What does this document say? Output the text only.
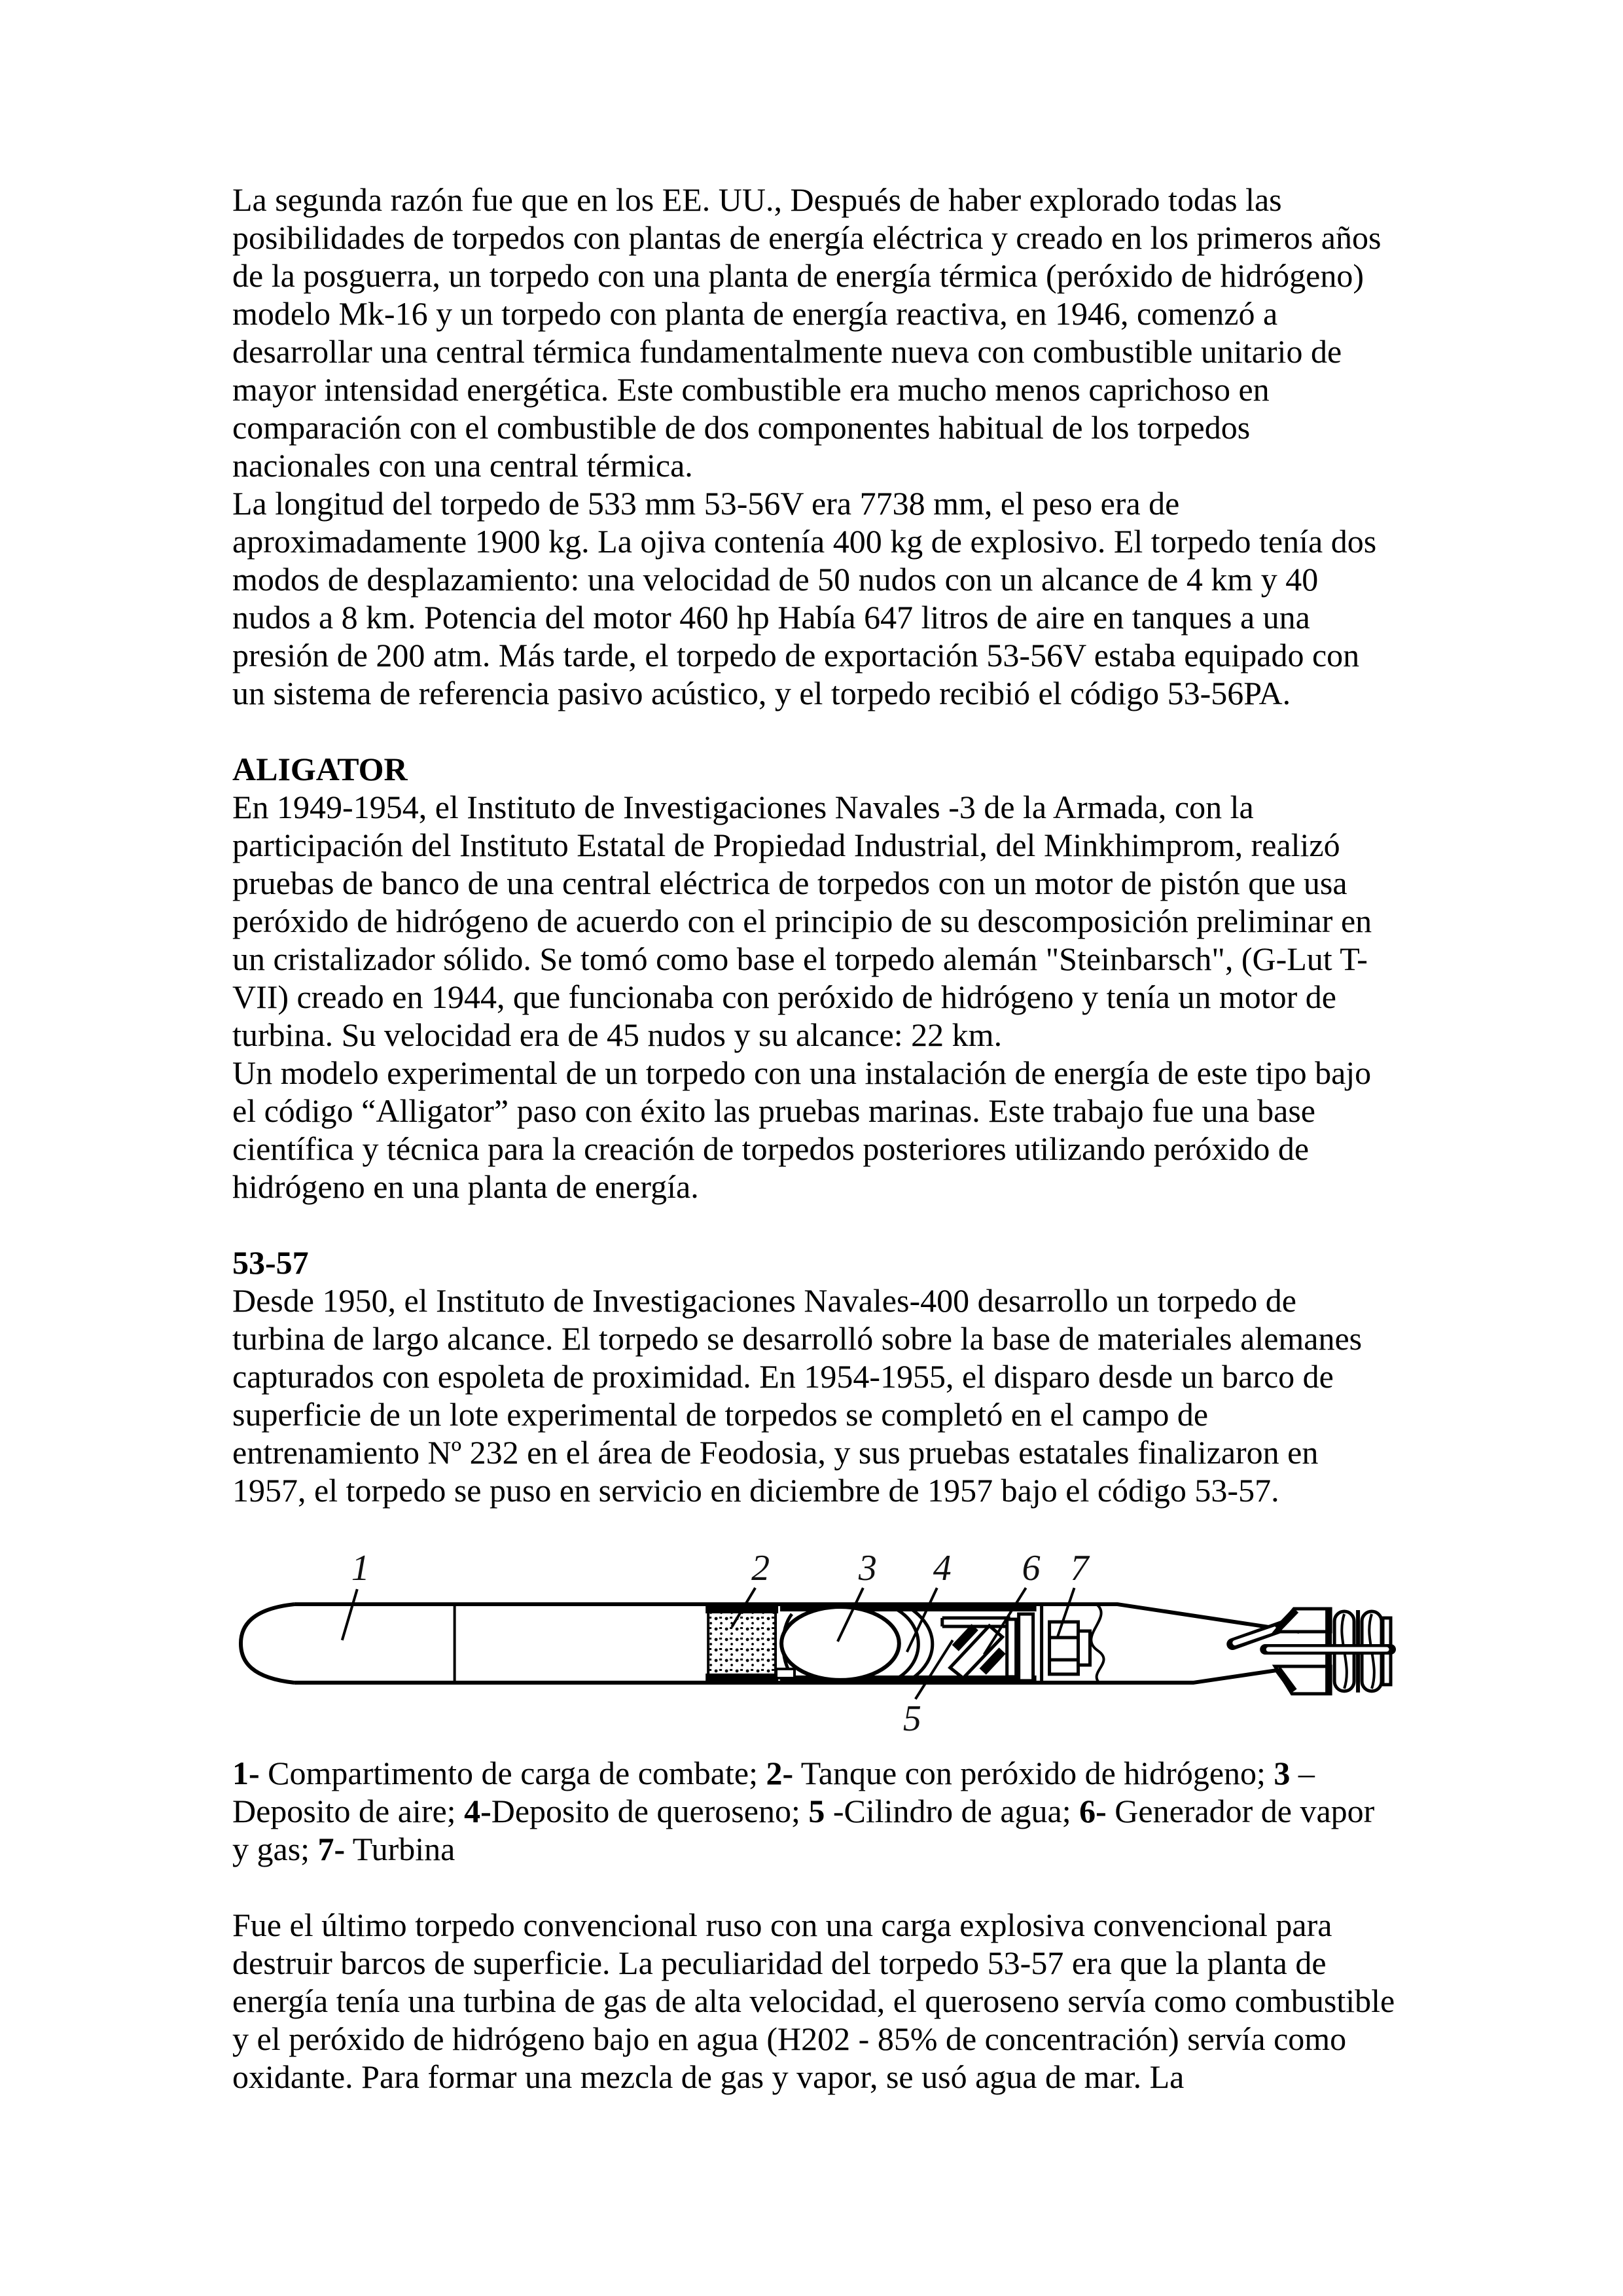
La segunda razón fue que en los EE. UU., Después de haber explorado todas las posibilidades de torpedos con plantas de energía eléctrica y creado en los primeros años de la posguerra, un torpedo con una planta de energía térmica (peróxido de hidrógeno) modelo Mk-16 y un torpedo con planta de energía reactiva, en 1946, comenzó a desarrollar una central térmica fundamentalmente nueva con combustible unitario de mayor intensidad energética. Este combustible era mucho menos caprichoso en comparación con el combustible de dos componentes habitual de los torpedos nacionales con una central térmica.

La longitud del torpedo de 533 mm 53-56V era 7738 mm, el peso era de aproximadamente 1900 kg. La ojiva contenía 400 kg de explosivo. El torpedo tenía dos modos de desplazamiento: una velocidad de 50 nudos con un alcance de 4 km y 40 nudos a 8 km. Potencia del motor 460 hp Había 647 litros de aire en tanques a una presión de 200 atm. Más tarde, el torpedo de exportación 53-56V estaba equipado con un sistema de referencia pasivo acústico, y el torpedo recibió el código 53-56PA.

ALIGATOR

En 1949-1954, el Instituto de Investigaciones Navales -3 de la Armada, con la participación del Instituto Estatal de Propiedad Industrial, del Minkhimprom, realizó pruebas de banco de una central eléctrica de torpedos con un motor de pistón que usa peróxido de hidrógeno de acuerdo con el principio de su descomposición preliminar en un cristalizador sólido. Se tomó como base el torpedo alemán "Steinbarsch", (G-Lut T-VII) creado en 1944, que funcionaba con peróxido de hidrógeno y tenía un motor de turbina. Su velocidad era de 45 nudos y su alcance: 22 km.

Un modelo experimental de un torpedo con una instalación de energía de este tipo bajo el código “Alligator” paso con éxito las pruebas marinas. Este trabajo fue una base científica y técnica para la creación de torpedos posteriores utilizando peróxido de hidrógeno en una planta de energía.

53-57

Desde 1950, el Instituto de Investigaciones Navales-400 desarrollo un torpedo de turbina de largo alcance. El torpedo se desarrolló sobre la base de materiales alemanes capturados con espoleta de proximidad. En 1954-1955, el disparo desde un barco de superficie de un lote experimental de torpedos se completó en el campo de entrenamiento Nº 232 en el área de Feodosia, y sus pruebas estatales finalizaron en 1957, el torpedo se puso en servicio en diciembre de 1957 bajo el código 53-57.

1	2 3 4
5
6 7

1- Compartimento de carga de combate; 2- Tanque con peróxido de hidrógeno; 3 – Deposito de aire; 4-Deposito de queroseno; 5 -Cilindro de agua; 6- Generador de vapor y gas; 7- Turbina

Fue el último torpedo convencional ruso con una carga explosiva convencional para destruir barcos de superficie. La peculiaridad del torpedo 53-57 era que la planta de energía tenía una turbina de gas de alta velocidad, el queroseno servía como combustible y el peróxido de hidrógeno bajo en agua (H202 - 85% de concentración) servía como oxidante. Para formar una mezcla de gas y vapor, se usó agua de mar. La
